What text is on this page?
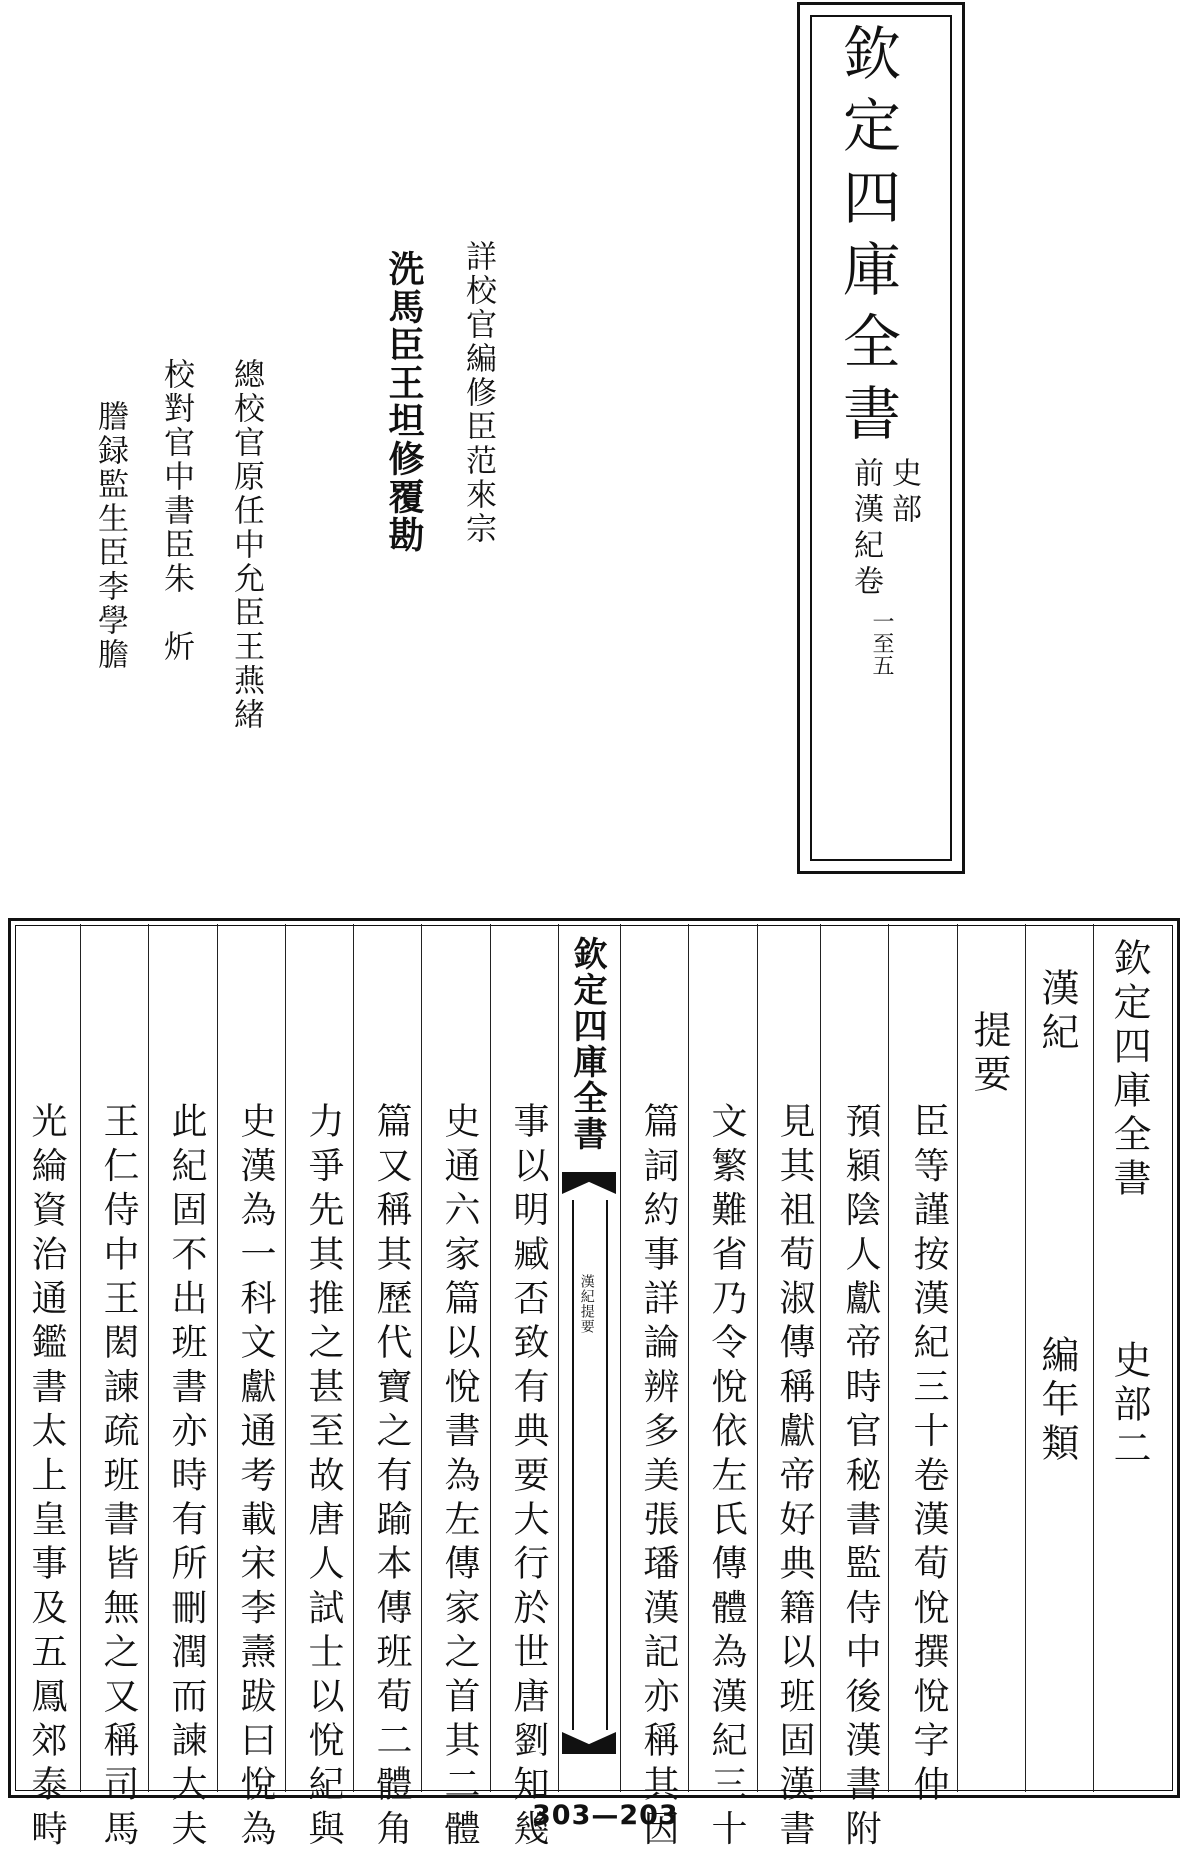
欽定四庫全書
史部
前漢紀卷
一至五
詳校官編修臣范來宗
洗馬臣王坦修覆勘
總校官原任中允臣王燕緒
校對官中書臣朱　炘
謄録監生臣李學膽
欽定四庫全書
史部二
漢紀
編年類
提要
臣等謹按漢紀三十卷漢荀悅撰悅字仲
預潁陰人獻帝時官秘書監侍中後漢書附
見其祖荀淑傳稱獻帝好典籍以班固漢書
文繁難省乃令悅依左氏傳體為漢紀三十
篇詞約事詳論辨多美張璠漢記亦稱其因
事以明臧否致有典要大行於世唐劉知幾
史通六家篇以悅書為左傳家之首其二體
篇又稱其歷代寶之有踰本傳班荀二體角
力爭先其推之甚至故唐人試士以悅紀與
史漢為一科文獻通考載宋李燾跋曰悅為
此紀固不出班書亦時有所刪潤而諫大夫
王仁侍中王閎諫疏班書皆無之又稱司馬
光綸資治通鑑書太上皇事及五鳳郊泰畤
欽定四庫全書
漢紀提要
303—203
